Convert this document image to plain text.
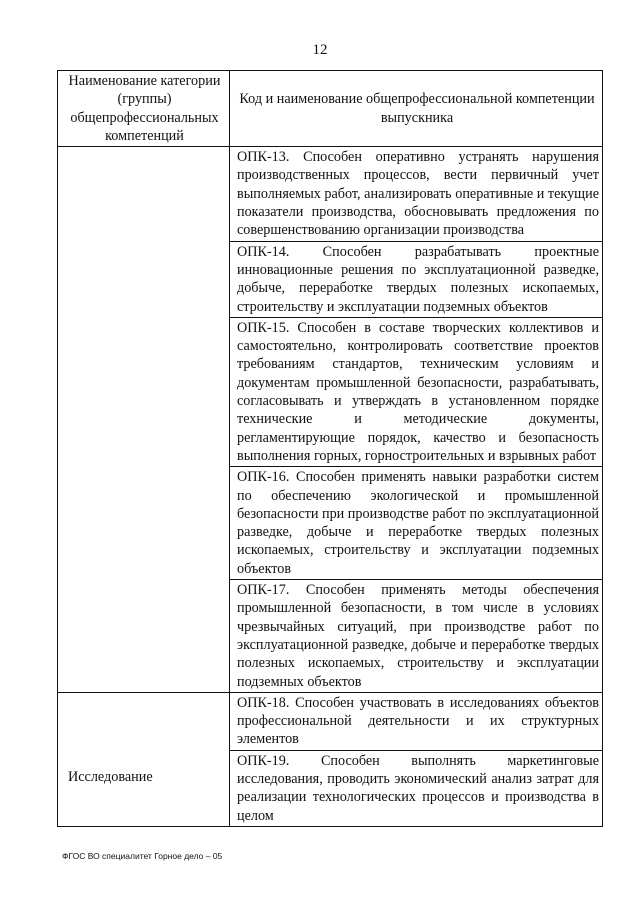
12
Наименование категории (группы) общепрофессиональных компетенций	Код и наименование общепрофессиональной компетенции выпускника
	ОПК-13. Способен оперативно устранять нарушения производственных процессов, вести первичный учет выполняемых работ, анализировать оперативные и текущие показатели производства, обосновывать предложения по совершенствованию организации производства
	ОПК-14. Способен разрабатывать проектные инновационные решения по эксплуатационной разведке, добыче, переработке твердых полезных ископаемых, строительству и эксплуатации подземных объектов
	ОПК-15. Способен в составе творческих коллективов и самостоятельно, контролировать соответствие проектов требованиям стандартов, техническим условиям и документам промышленной безопасности, разрабатывать, согласовывать и утверждать в установленном порядке технические и методические документы, регламентирующие порядок, качество и безопасность выполнения горных, горностроительных и взрывных работ
	ОПК-16. Способен применять навыки разработки систем по обеспечению экологической и промышленной безопасности при производстве работ по эксплуатационной разведке, добыче и переработке твердых полезных ископаемых, строительству и эксплуатации подземных объектов
	ОПК-17. Способен применять методы обеспечения промышленной безопасности, в том числе в условиях чрезвычайных ситуаций, при производстве работ по эксплуатационной разведке, добыче и переработке твердых полезных ископаемых, строительству и эксплуатации подземных объектов
Исследование	ОПК-18. Способен участвовать в исследованиях объектов профессиональной деятельности и их структурных элементов
	ОПК-19. Способен выполнять маркетинговые исследования, проводить экономический анализ затрат для реализации технологических процессов и производства в целом
ФГОС ВО специалитет Горное дело – 05
